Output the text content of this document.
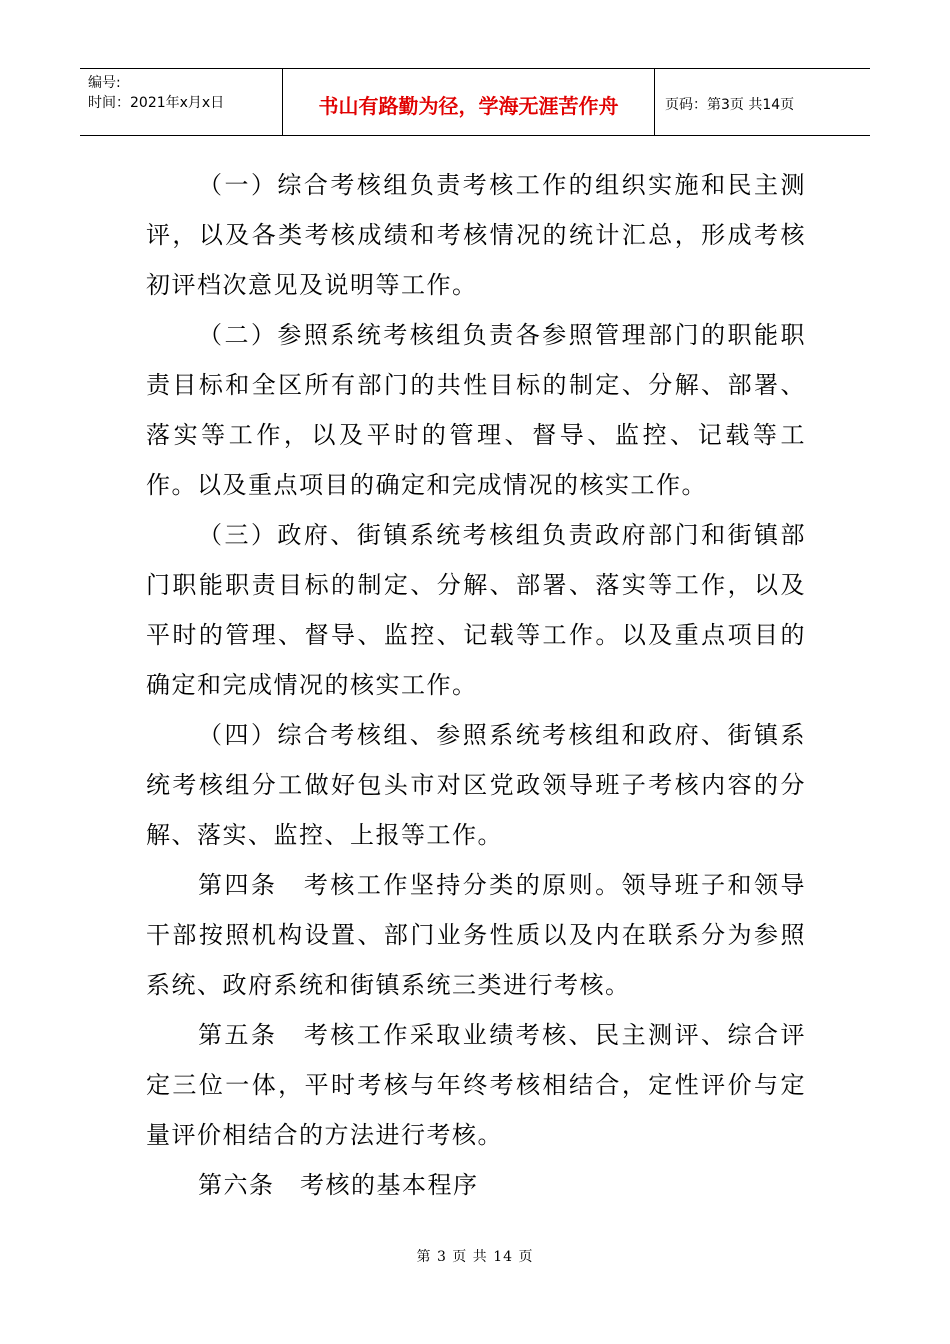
编号:
时间：2021年x月x日	书山有路勤为径，学海无涯苦作舟	页码：第3页 共14页

（一）综合考核组负责考核工作的组织实施和民主测评，以及各类考核成绩和考核情况的统计汇总，形成考核初评档次意见及说明等工作。

（二）参照系统考核组负责各参照管理部门的职能职责目标和全区所有部门的共性目标的制定、分解、部署、落实等工作，以及平时的管理、督导、监控、记载等工作。以及重点项目的确定和完成情况的核实工作。

（三）政府、街镇系统考核组负责政府部门和街镇部门职能职责目标的制定、分解、部署、落实等工作，以及平时的管理、督导、监控、记载等工作。以及重点项目的确定和完成情况的核实工作。

（四）综合考核组、参照系统考核组和政府、街镇系统考核组分工做好包头市对区党政领导班子考核内容的分解、落实、监控、上报等工作。

第四条　考核工作坚持分类的原则。领导班子和领导干部按照机构设置、部门业务性质以及内在联系分为参照系统、政府系统和街镇系统三类进行考核。

第五条　考核工作采取业绩考核、民主测评、综合评定三位一体，平时考核与年终考核相结合，定性评价与定量评价相结合的方法进行考核。

第六条　考核的基本程序

第 3 页 共 14 页
